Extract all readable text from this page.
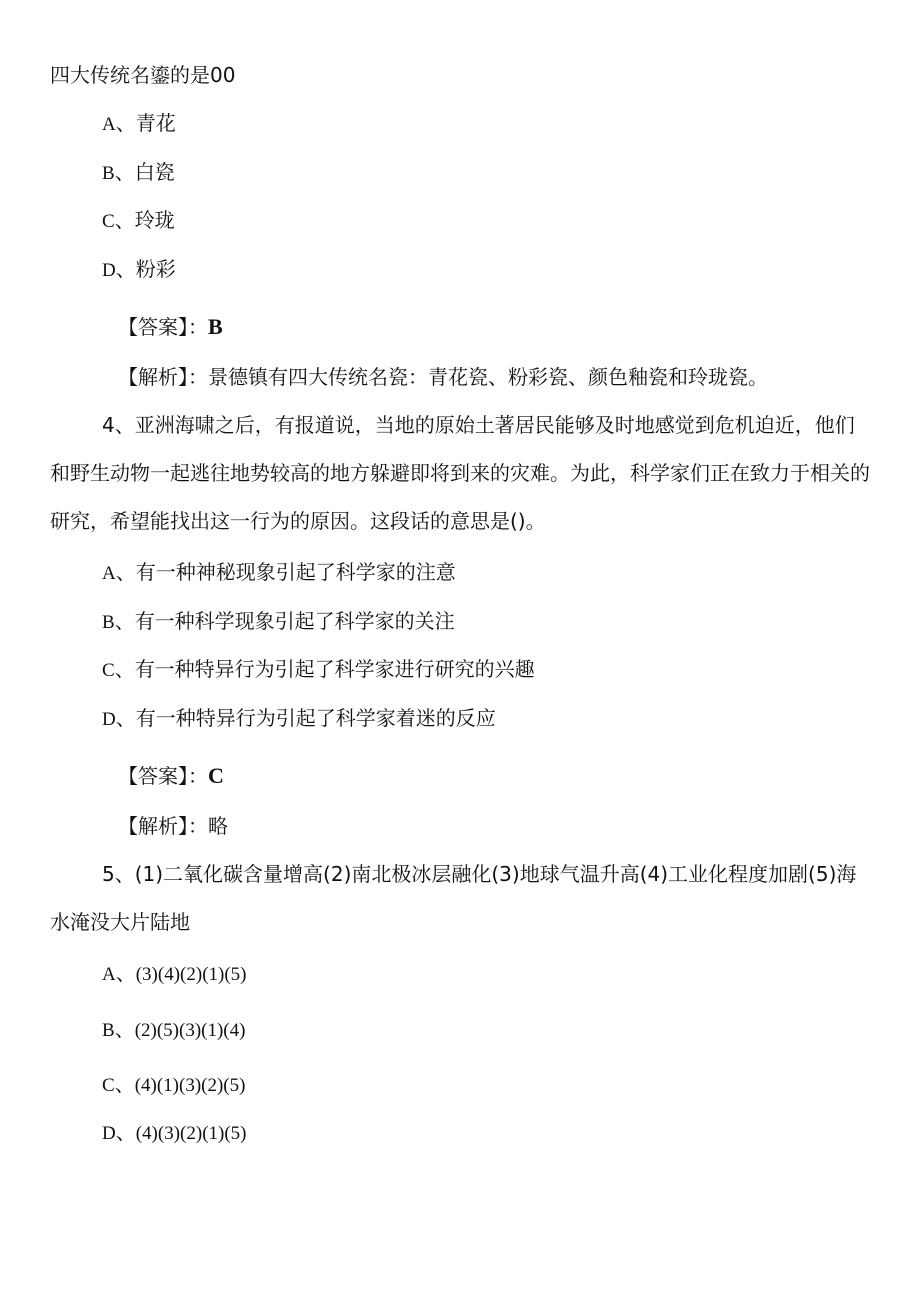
四大传统名鎏的是00
A、青花
B、白瓷
C、玲珑
D、粉彩
【答案】：B
【解析】：景德镇有四大传统名瓷：青花瓷、粉彩瓷、颜色釉瓷和玲珑瓷。
4、亚洲海啸之后，有报道说，当地的原始土著居民能够及时地感觉到危机迫近，他们和野生动物一起逃往地势较高的地方躲避即将到来的灾难。为此，科学家们正在致力于相关的研究，希望能找出这一行为的原因。这段话的意思是()。
A、有一种神秘现象引起了科学家的注意
B、有一种科学现象引起了科学家的关注
C、有一种特异行为引起了科学家进行研究的兴趣
D、有一种特异行为引起了科学家着迷的反应
【答案】：C
【解析】：略
5、(1)二氧化碳含量增高(2)南北极冰层融化(3)地球气温升高(4)工业化程度加剧(5)海水淹没大片陆地
A、(3)(4)(2)(1)(5)
B、(2)(5)(3)(1)(4)
C、(4)(1)(3)(2)(5)
D、(4)(3)(2)(1)(5)
